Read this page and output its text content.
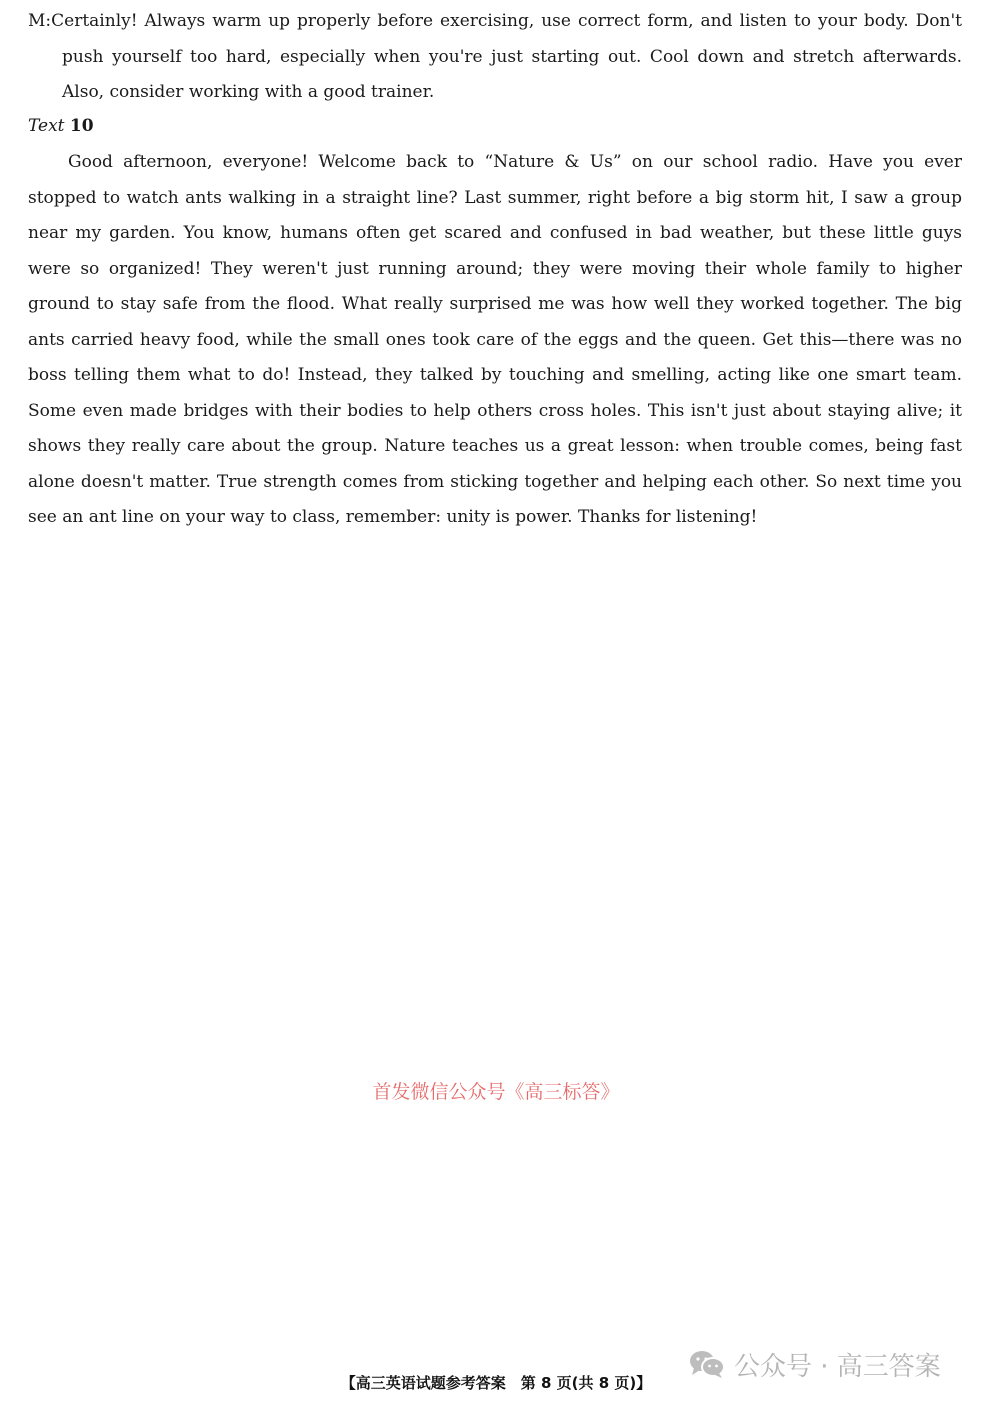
M:Certainly! Always warm up properly before exercising, use correct form, and listen to your body. Don't push yourself too hard, especially when you're just starting out. Cool down and stretch afterwards. Also, consider working with a good trainer.

Text 10

Good afternoon, everyone! Welcome back to “Nature & Us” on our school radio. Have you ever stopped to watch ants walking in a straight line? Last summer, right before a big storm hit, I saw a group near my garden. You know, humans often get scared and confused in bad weather, but these little guys were so organized! They weren't just running around; they were moving their whole family to higher ground to stay safe from the flood. What really surprised me was how well they worked together. The big ants carried heavy food, while the small ones took care of the eggs and the queen. Get this—there was no boss telling them what to do! Instead, they talked by touching and smelling, acting like one smart team. Some even made bridges with their bodies to help others cross holes. This isn't just about staying alive; it shows they really care about the group. Nature teaches us a great lesson: when trouble comes, being fast alone doesn't matter. True strength comes from sticking together and helping each other. So next time you see an ant line on your way to class, remember: unity is power. Thanks for listening!

首发微信公众号《高三标答》
公众号 · 高三答案
【高三英语试题参考答案　第 8 页(共 8 页)】
